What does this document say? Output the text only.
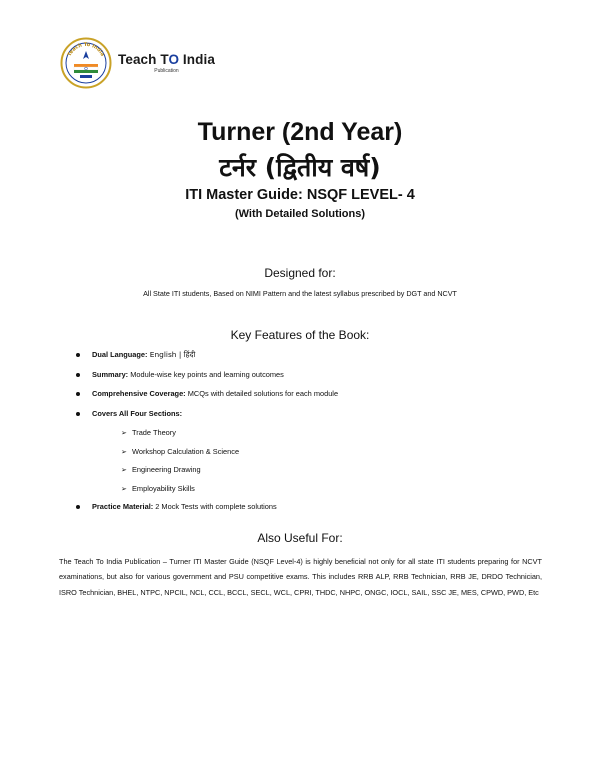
Teach To India Teach TO India
Publication
Turner (2nd Year)
टर्नर (द्वितीय वर्ष)
ITI Master Guide: NSQF LEVEL- 4
(With Detailed Solutions)
Designed for:

All State ITI students, Based on NIMI Pattern and the latest syllabus prescribed by DGT and NCVT

Key Features of the Book:
Dual Language: English | हिंदी
Summary: Module-wise key points and learning outcomes
Comprehensive Coverage: MCQs with detailed solutions for each module
Covers All Four Sections:
➢ Trade Theory
➢ Workshop Calculation & Science
➢ Engineering Drawing
➢ Employability Skills
Practice Material: 2 Mock Tests with complete solutions
Also Useful For:

The Teach To India Publication – Turner ITI Master Guide (NSQF Level-4) is highly beneficial not only for all state ITI students preparing for NCVT examinations, but also for various government and PSU competitive exams. This includes RRB ALP, RRB Technician, RRB JE, DRDO Technician, ISRO Technician, BHEL, NTPC, NPCIL, NCL, CCL, BCCL, SECL, WCL, CPRI, THDC, NHPC, ONGC, IOCL, SAIL, SSC JE, MES, CPWD, PWD, Etc
